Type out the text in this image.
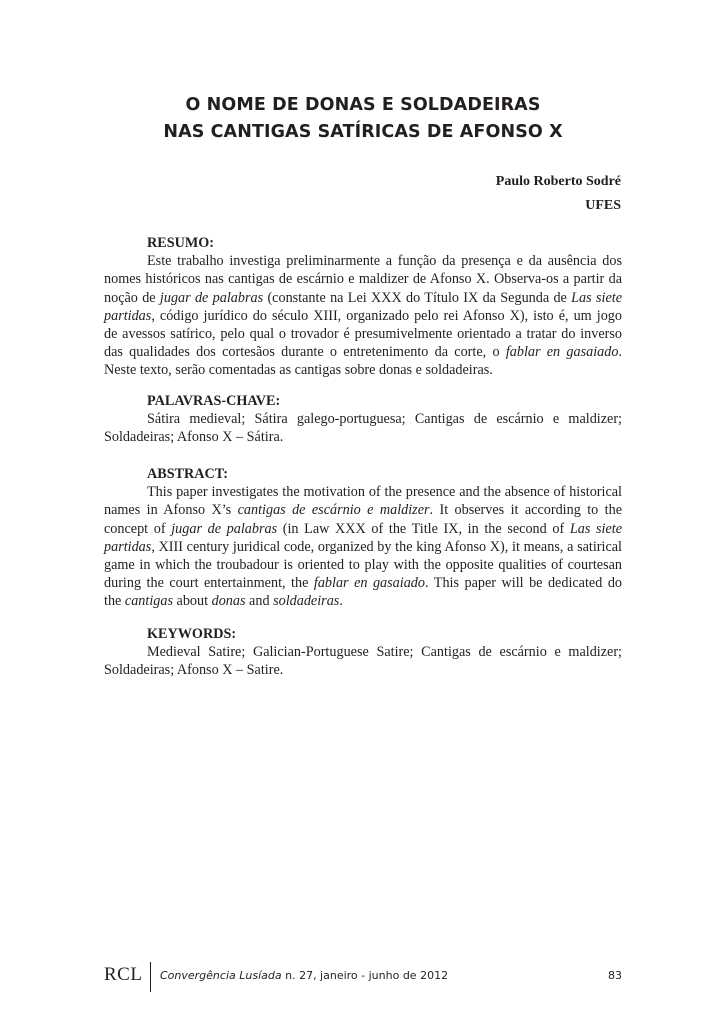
O NOME DE DONAS E SOLDADEIRAS
NAS CANTIGAS SATÍRICAS DE AFONSO X
Paulo Roberto Sodré
UFES
RESUMO:
Este trabalho investiga preliminarmente a função da presença e da ausência dos
nomes históricos nas cantigas de escárnio e maldizer de Afonso X. Observa-os a partir da
noção de jugar de palabras (constante na Lei XXX do Título IX da Segunda de Las siete
partidas, código jurídico do século XIII, organizado pelo rei Afonso X), isto é, um jogo
de avessos satírico, pelo qual o trovador é presumivelmente orientado a tratar do inverso
das qualidades dos cortesãos durante o entretenimento da corte, o fablar en gasaiado.
Neste texto, serão comentadas as cantigas sobre donas e soldadeiras.
PALAVRAS-CHAVE:
Sátira medieval; Sátira galego-portuguesa; Cantigas de escárnio e maldizer;
Soldadeiras; Afonso X – Sátira.
ABSTRACT:
This paper investigates the motivation of the presence and the absence of historical
names in Afonso X’s cantigas de escárnio e maldizer. It observes it according to the
concept of jugar de palabras (in Law XXX of the Title IX, in the second of Las siete
partidas, XIII century juridical code, organized by the king Afonso X), it means, a satirical
game in which the troubadour is oriented to play with the opposite qualities of courtesan
during the court entertainment, the fablar en gasaiado. This paper will be dedicated do
the cantigas about donas and soldadeiras.
KEYWORDS:
Medieval Satire; Galician-Portuguese Satire; Cantigas de escárnio e maldizer;
Soldadeiras; Afonso X – Satire.
RCL Convergência Lusíada n. 27, janeiro - junho de 2012	83
